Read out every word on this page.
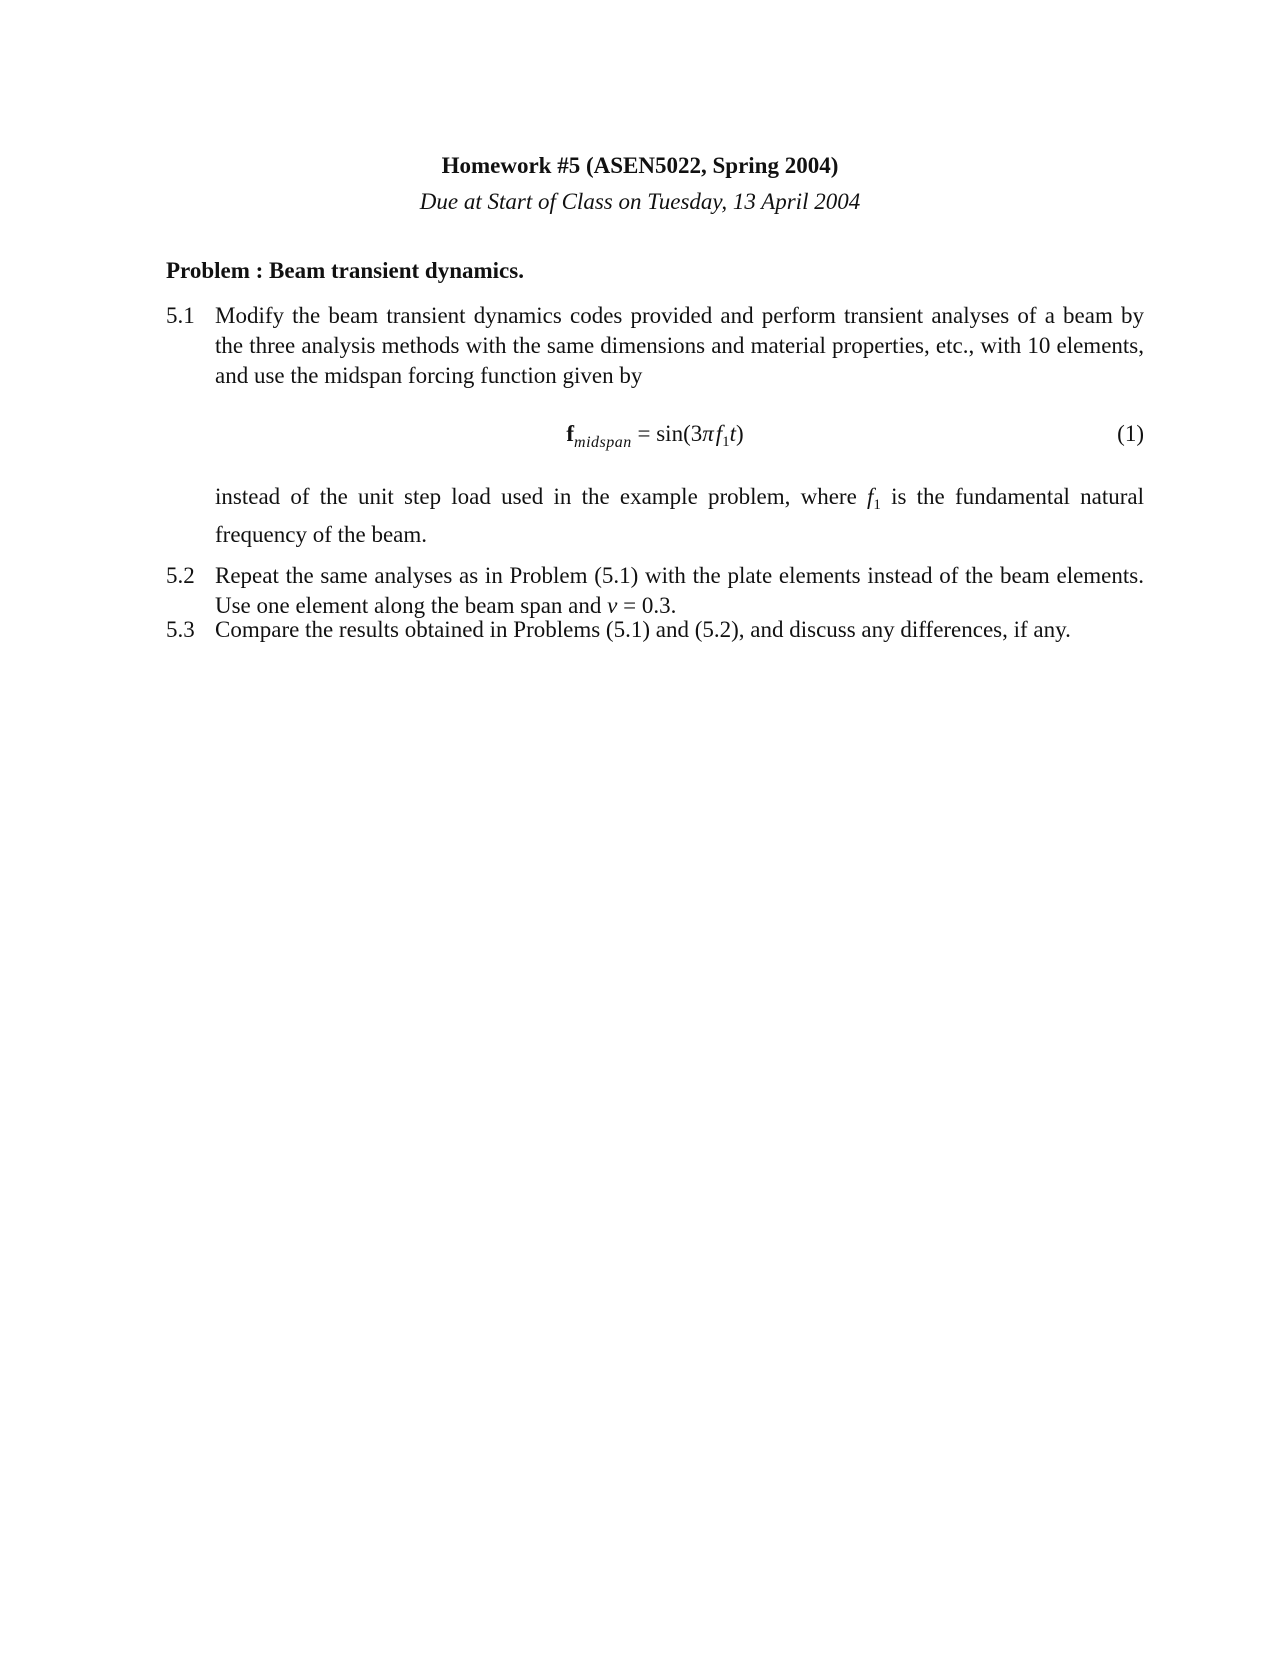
Homework #5 (ASEN5022, Spring 2004)
Due at Start of Class on Tuesday, 13 April 2004
Problem : Beam transient dynamics.
5.1 Modify the beam transient dynamics codes provided and perform transient analyses of a beam by the three analysis methods with the same dimensions and material properties, etc., with 10 elements, and use the midspan forcing function given by
$f_{midspan} = \sin(3\pi$ $f_1t$)	(1)
instead of the unit step load used in the example problem, where $f_1$ is the fundamental natural frequency of the beam.
5.2 Repeat the same analyses as in Problem (5.1) with the plate elements instead of the beam elements. Use one element along the beam span and ν = 0.3.
5.3 Compare the results obtained in Problems (5.1) and (5.2), and discuss any differences, if any.
